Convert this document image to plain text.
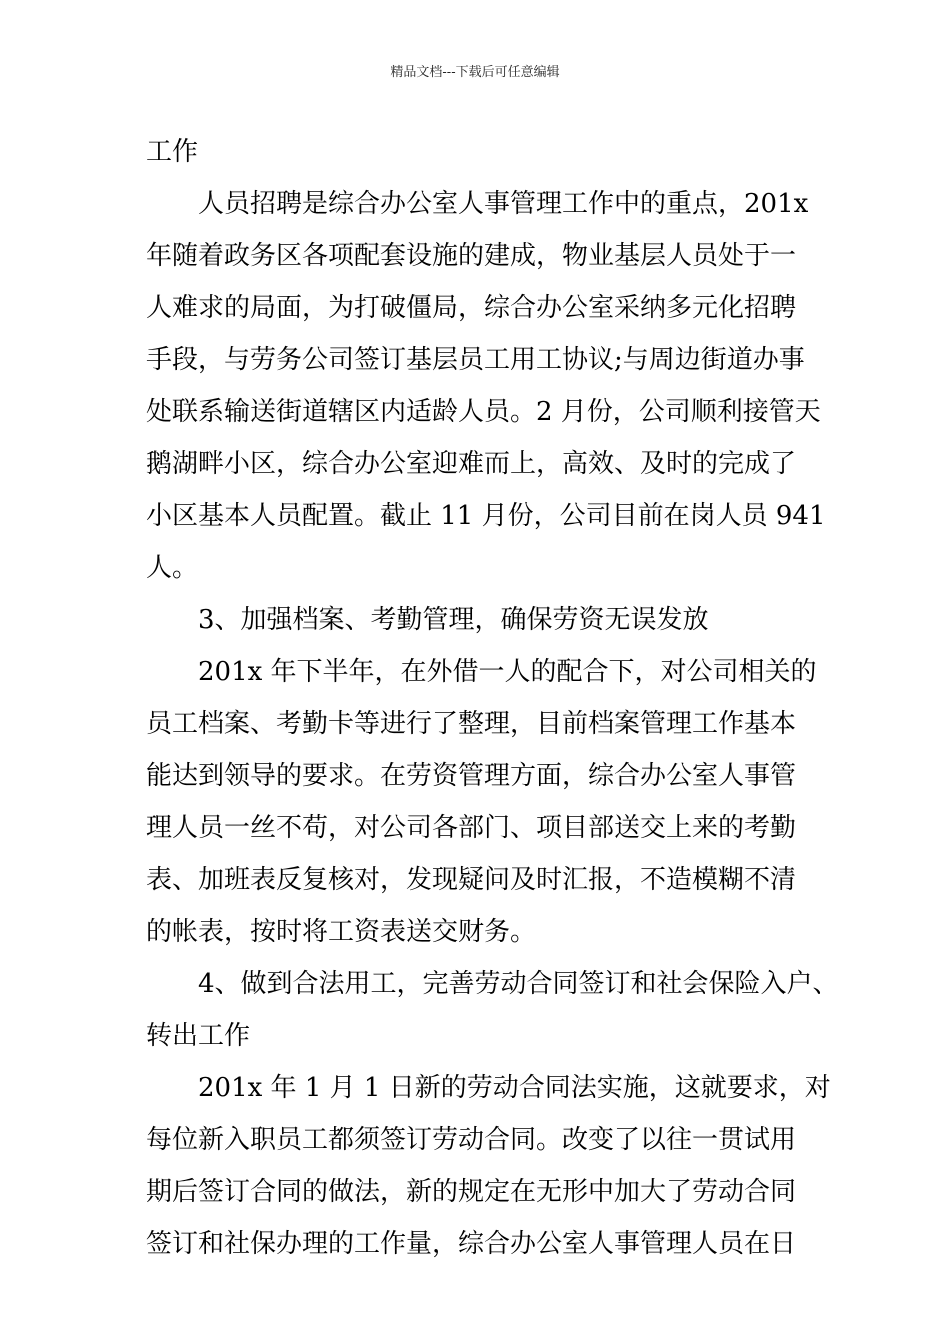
精品文档---下载后可任意编辑
工作
人员招聘是综合办公室人事管理工作中的重点，201x
年随着政务区各项配套设施的建成，物业基层人员处于一
人难求的局面，为打破僵局，综合办公室采纳多元化招聘
手段，与劳务公司签订基层员工用工协议;与周边街道办事
处联系输送街道辖区内适龄人员。2 月份，公司顺利接管天
鹅湖畔小区，综合办公室迎难而上，高效、及时的完成了
小区基本人员配置。截止 11 月份，公司目前在岗人员 941
人。
3、加强档案、考勤管理，确保劳资无误发放
201x 年下半年，在外借一人的配合下，对公司相关的
员工档案、考勤卡等进行了整理，目前档案管理工作基本
能达到领导的要求。在劳资管理方面，综合办公室人事管
理人员一丝不苟，对公司各部门、项目部送交上来的考勤
表、加班表反复核对，发现疑问及时汇报，不造模糊不清
的帐表，按时将工资表送交财务。
4、做到合法用工，完善劳动合同签订和社会保险入户、
转出工作
201x 年 1 月 1 日新的劳动合同法实施，这就要求，对
每位新入职员工都须签订劳动合同。改变了以往一贯试用
期后签订合同的做法，新的规定在无形中加大了劳动合同
签订和社保办理的工作量，综合办公室人事管理人员在日
